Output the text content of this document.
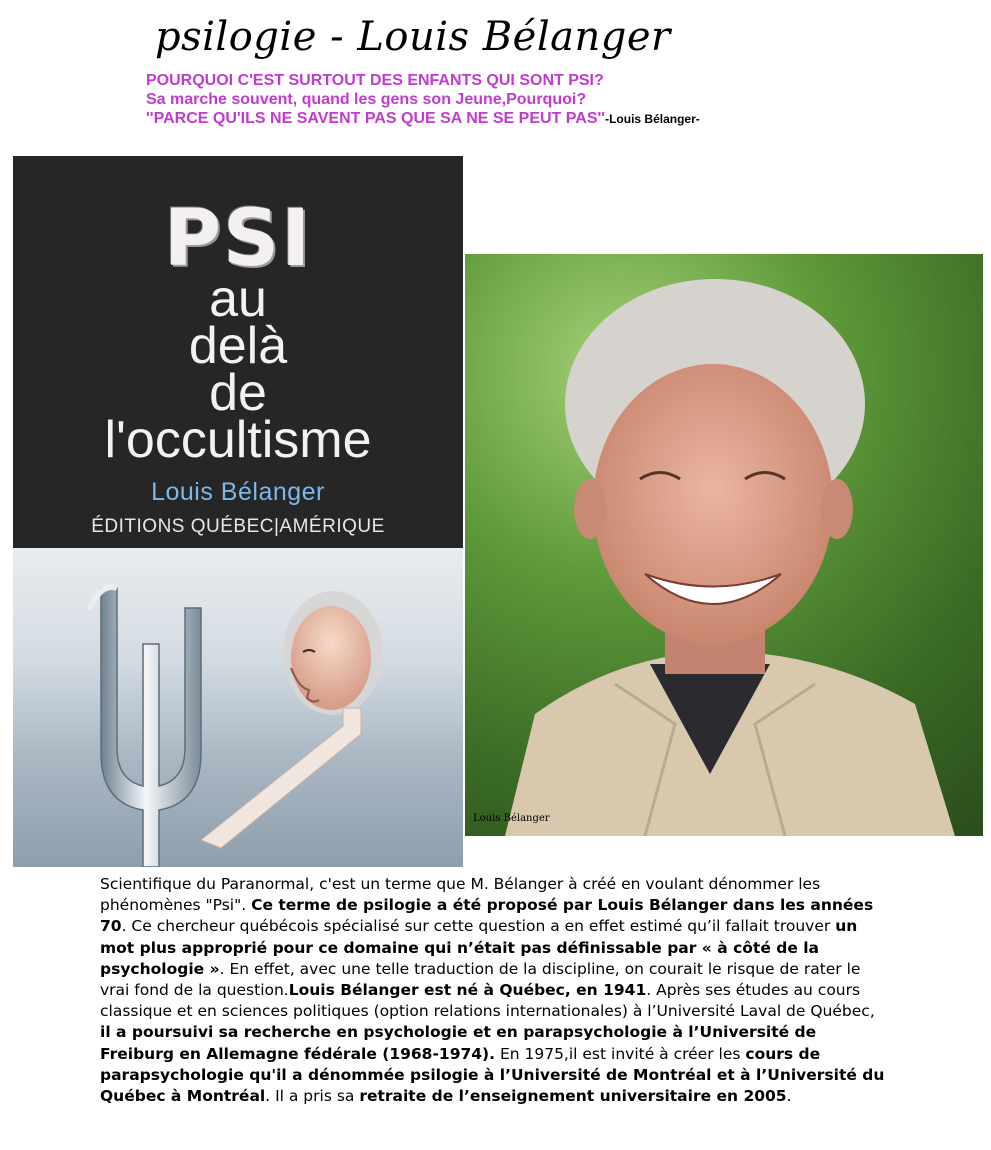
psilogie - Louis Bélanger
POURQUOI C'EST SURTOUT DES ENFANTS QUI SONT PSI?
Sa marche souvent, quand les gens son Jeune,Pourquoi?
''PARCE QU'ILS NE SAVENT PAS QUE SA NE SE PEUT PAS''-Louis Bélanger-
PSI
au
delà
de
l'occultisme
Louis Bélanger
ÉDITIONS QUÉBEC|AMÉRIQUE
Louis Bélanger

Scientifique du Paranormal, c'est un terme que M. Bélanger à créé en voulant dénommer les phénomènes "Psi". Ce terme de psilogie a été proposé par Louis Bélanger dans les années 70. Ce chercheur québécois spécialisé sur cette question a en effet estimé qu’il fallait trouver un mot plus approprié pour ce domaine qui n’était pas définissable par « à côté de la psychologie ». En effet, avec une telle traduction de la discipline, on courait le risque de rater le vrai fond de la question.Louis Bélanger est né à Québec, en 1941. Après ses études au cours classique et en sciences politiques (option relations internationales) à l’Université Laval de Québec, il a poursuivi sa recherche en psychologie et en parapsychologie à l’Université de Freiburg en Allemagne fédérale (1968-1974). En 1975,il est invité à créer les cours de parapsychologie qu'il a dénommée psilogie à l’Université de Montréal et à l’Université du Québec à Montréal. Il a pris sa retraite de l’enseignement universitaire en 2005.
